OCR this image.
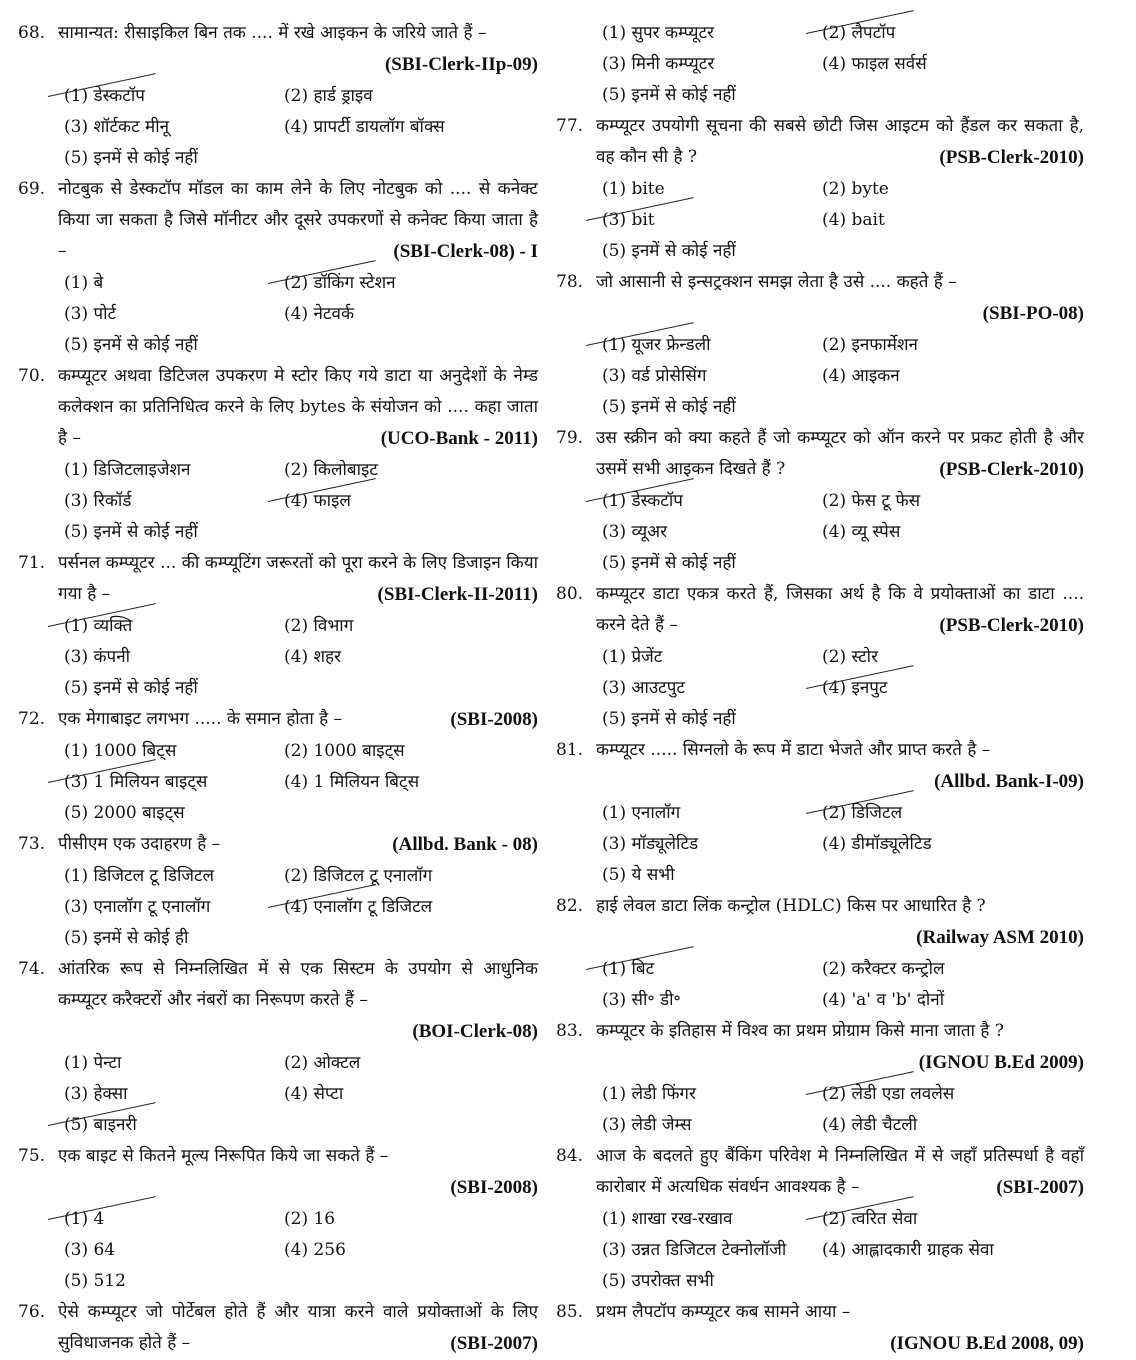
68. सामान्यत: रीसाइकिल बिन तक .... में रखे आइकन के जरिये जाते हैं –
(SBI-Clerk-IIp-09)
(1) डेस्कटॉप	(2) हार्ड ड्राइव
(3) शॉर्टकट मीनू	(4) प्रापर्टी डायलॉग बॉक्स
(5) इनमें से कोई नहीं
69. नोटबुक से डेस्कटॉप मॉडल का काम लेने के लिए नोटबुक को .... से कनेक्ट किया जा सकता है जिसे मॉनीटर और दूसरे उपकरणों से कनेक्ट किया जाता है –	(SBI-Clerk-08) - I
(1) बे	(2) डॉकिंग स्टेशन
(3) पोर्ट	(4) नेटवर्क
(5) इनमें से कोई नहीं
70. कम्प्यूटर अथवा डिटिजल उपकरण मे स्टोर किए गये डाटा या अनुदेशों के नेम्ड कलेक्शन का प्रतिनिधित्व करने के लिए bytes के संयोजन को .... कहा जाता है –	(UCO-Bank - 2011)
(1) डिजिटलाइजेशन	(2) किलोबाइट
(3) रिकॉर्ड	(4) फाइल
(5) इनमें से कोई नहीं
71. पर्सनल कम्प्यूटर ... की कम्प्यूटिंग जरूरतों को पूरा करने के लिए डिजाइन किया गया है –	(SBI-Clerk-II-2011)
(1) व्यक्ति	(2) विभाग
(3) कंपनी	(4) शहर
(5) इनमें से कोई नहीं
72. एक मेगाबाइट लगभग ..... के समान होता है –	(SBI-2008)
(1) 1000 बिट्स	(2) 1000 बाइट्स
(3) 1 मिलियन बाइट्स	(4) 1 मिलियन बिट्स
(5) 2000 बाइट्स
73. पीसीएम एक उदाहरण है –	(Allbd. Bank - 08)
(1) डिजिटल टू डिजिटल	(2) डिजिटल टू एनालॉग
(3) एनालॉग टू एनालॉग	(4) एनालॉग टू डिजिटल
(5) इनमें से कोई ही
74. आंतरिक रूप से निम्नलिखित में से एक सिस्टम के उपयोग से आधुनिक कम्प्यूटर करैक्टरों और नंबरों का निरूपण करते हैं –
(BOI-Clerk-08)
(1) पेन्टा	(2) ओक्टल
(3) हेक्सा	(4) सेप्टा
(5) बाइनरी
75. एक बाइट से कितने मूल्य निरूपित किये जा सकते हैं –
(SBI-2008)
(1) 4	(2) 16
(3) 64	(4) 256
(5) 512
76. ऐसे कम्प्यूटर जो पोर्टेबल होते हैं और यात्रा करने वाले प्रयोक्ताओं के लिए सुविधाजनक होते हैं –	(SBI-2007)
(1) सुपर कम्प्यूटर	(2) लैपटॉप
(3) मिनी कम्प्यूटर	(4) फाइल सर्वर्स
(5) इनमें से कोई नहीं
77. कम्प्यूटर उपयोगी सूचना की सबसे छोटी जिस आइटम को हैंडल कर सकता है, वह कौन सी है ?	(PSB-Clerk-2010)
(1) bite	(2) byte
(3) bit	(4) bait
(5) इनमें से कोई नहीं
78. जो आसानी से इन्सट्रक्शन समझ लेता है उसे .... कहते हैं –
(SBI-PO-08)
(1) यूजर फ्रेन्डली	(2) इनफार्मेशन
(3) वर्ड प्रोसेसिंग	(4) आइकन
(5) इनमें से कोई नहीं
79. उस स्क्रीन को क्या कहते हैं जो कम्प्यूटर को ऑन करने पर प्रकट होती है और उसमें सभी आइकन दिखते हैं ?	(PSB-Clerk-2010)
(1) डेस्कटॉप	(2) फेस टू फेस
(3) व्यूअर	(4) व्यू स्पेस
(5) इनमें से कोई नहीं
80. कम्प्यूटर डाटा एकत्र करते हैं, जिसका अर्थ है कि वे प्रयोक्ताओं का डाटा .... करने देते हैं –	(PSB-Clerk-2010)
(1) प्रेजेंट	(2) स्टोर
(3) आउटपुट	(4) इनपुट
(5) इनमें से कोई नहीं
81. कम्प्यूटर ..... सिग्नलो के रूप में डाटा भेजते और प्राप्त करते है –
(Allbd. Bank-I-09)
(1) एनालॉग	(2) डिजिटल
(3) मॉड्यूलेटिड	(4) डीमॉड्यूलेटिड
(5) ये सभी
82. हाई लेवल डाटा लिंक कन्ट्रोल (HDLC) किस पर आधारित है ?
(Railway ASM 2010)
(1) बिट	(2) करैक्टर कन्ट्रोल
(3) सी॰ डी॰	(4) 'a' व 'b' दोनों
83. कम्प्यूटर के इतिहास में विश्व का प्रथम प्रोग्राम किसे माना जाता है ?
(IGNOU B.Ed 2009)
(1) लेडी फिंगर	(2) लेडी एडा लवलेस
(3) लेडी जेम्स	(4) लेडी चैटली
84. आज के बदलते हुए बैंकिंग परिवेश मे निम्नलिखित में से जहाँ प्रतिस्पर्धा है वहाँ कारोबार में अत्यधिक संवर्धन आवश्यक है –	(SBI-2007)
(1) शाखा रख-रखाव	(2) त्वरित सेवा
(3) उन्नत डिजिटल टेक्नोलॉजी	(4) आह्लादकारी ग्राहक सेवा
(5) उपरोक्त सभी
85. प्रथम लैपटॉप कम्प्यूटर कब सामने आया –
(IGNOU B.Ed 2008, 09)
